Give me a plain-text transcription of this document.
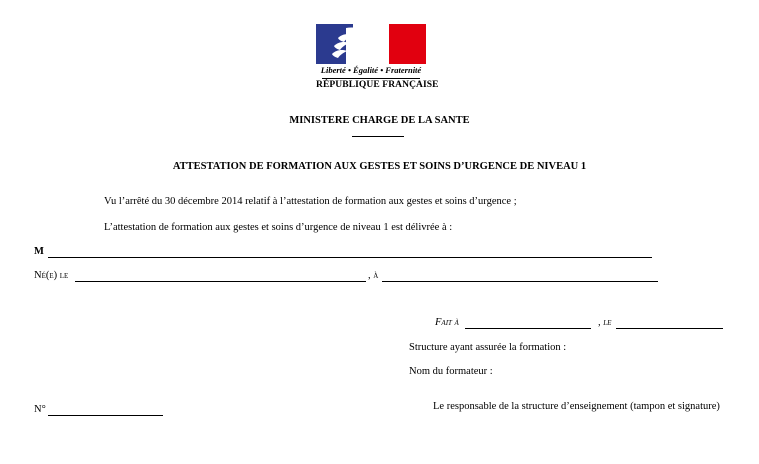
Liberté • Égalité • Fraternité
RÉPUBLIQUE FRANÇAISE
MINISTERE CHARGE DE LA SANTE
ATTESTATION DE FORMATION AUX GESTES ET SOINS D’URGENCE DE NIVEAU 1
Vu l’arrêté du 30 décembre 2014 relatif à l’attestation de formation aux gestes et soins d’urgence ;
L’attestation de formation aux gestes et soins d’urgence de niveau 1 est délivrée à :
M
Né(e) le	, à
Fait à	, le
Structure ayant assurée la formation :
Nom du formateur :
N°	Le responsable de la structure d’enseignement (tampon et signature)
